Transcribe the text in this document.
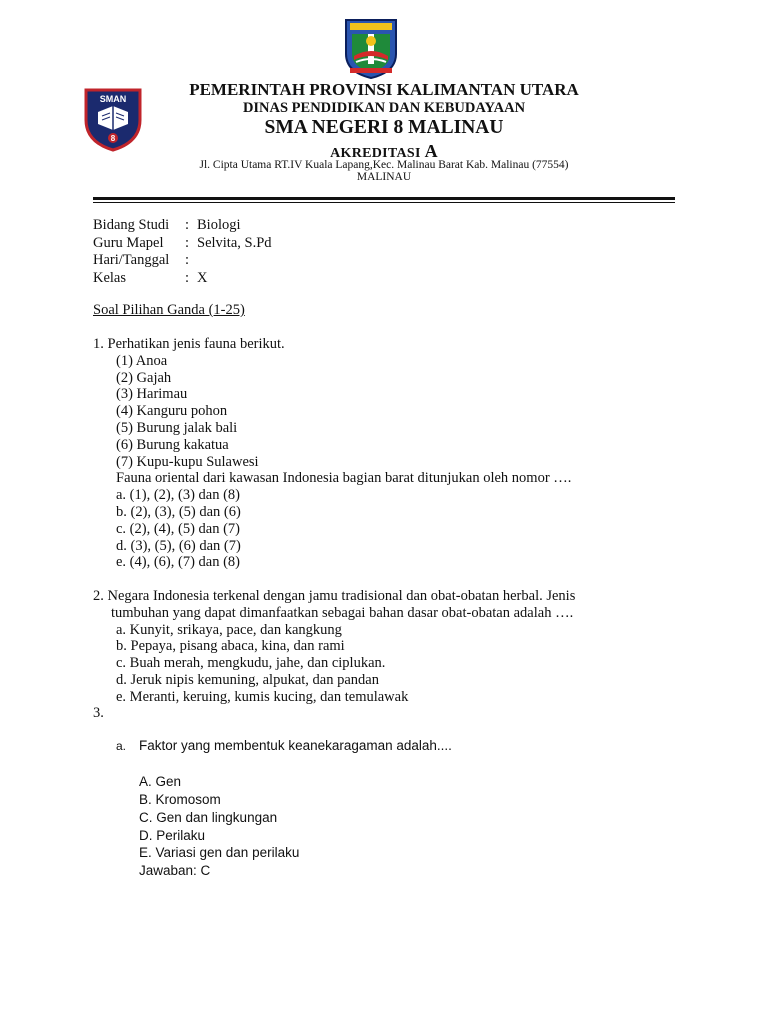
SMAN
8
PEMERINTAH PROVINSI KALIMANTAN UTARA
DINAS PENDIDIKAN DAN KEBUDAYAAN
SMA NEGERI 8 MALINAU
AKREDITASI A
Jl. Cipta Utama RT.IV Kuala Lapang,Kec. Malinau Barat Kab. Malinau (77554)
MALINAU
Bidang Studi	: Biologi
Guru Mapel	: Selvita, S.Pd
Hari/Tanggal	:
Kelas	: X
Soal Pilihan Ganda (1-25)
1. Perhatikan jenis fauna berikut.
(1) Anoa
(2) Gajah
(3) Harimau
(4) Kanguru pohon
(5) Burung jalak bali
(6) Burung kakatua
(7) Kupu-kupu Sulawesi
Fauna oriental dari kawasan Indonesia bagian barat ditunjukan oleh nomor ….
a. (1), (2), (3) dan (8)
b. (2), (3), (5) dan (6)
c. (2), (4), (5) dan (7)
d. (3), (5), (6) dan (7)
e. (4), (6), (7) dan (8)
2. Negara Indonesia terkenal dengan jamu tradisional dan obat-obatan herbal. Jenis
tumbuhan yang dapat dimanfaatkan sebagai bahan dasar obat-obatan adalah ….
a. Kunyit, srikaya, pace, dan kangkung
b. Pepaya, pisang abaca, kina, dan rami
c. Buah merah, mengkudu, jahe, dan ciplukan.
d. Jeruk nipis kemuning, alpukat, dan pandan
e. Meranti, keruing, kumis kucing, dan temulawak
3.
a. Faktor yang membentuk keanekaragaman adalah....
A. Gen
B. Kromosom
C. Gen dan lingkungan
D. Perilaku
E. Variasi gen dan perilaku
Jawaban: C
